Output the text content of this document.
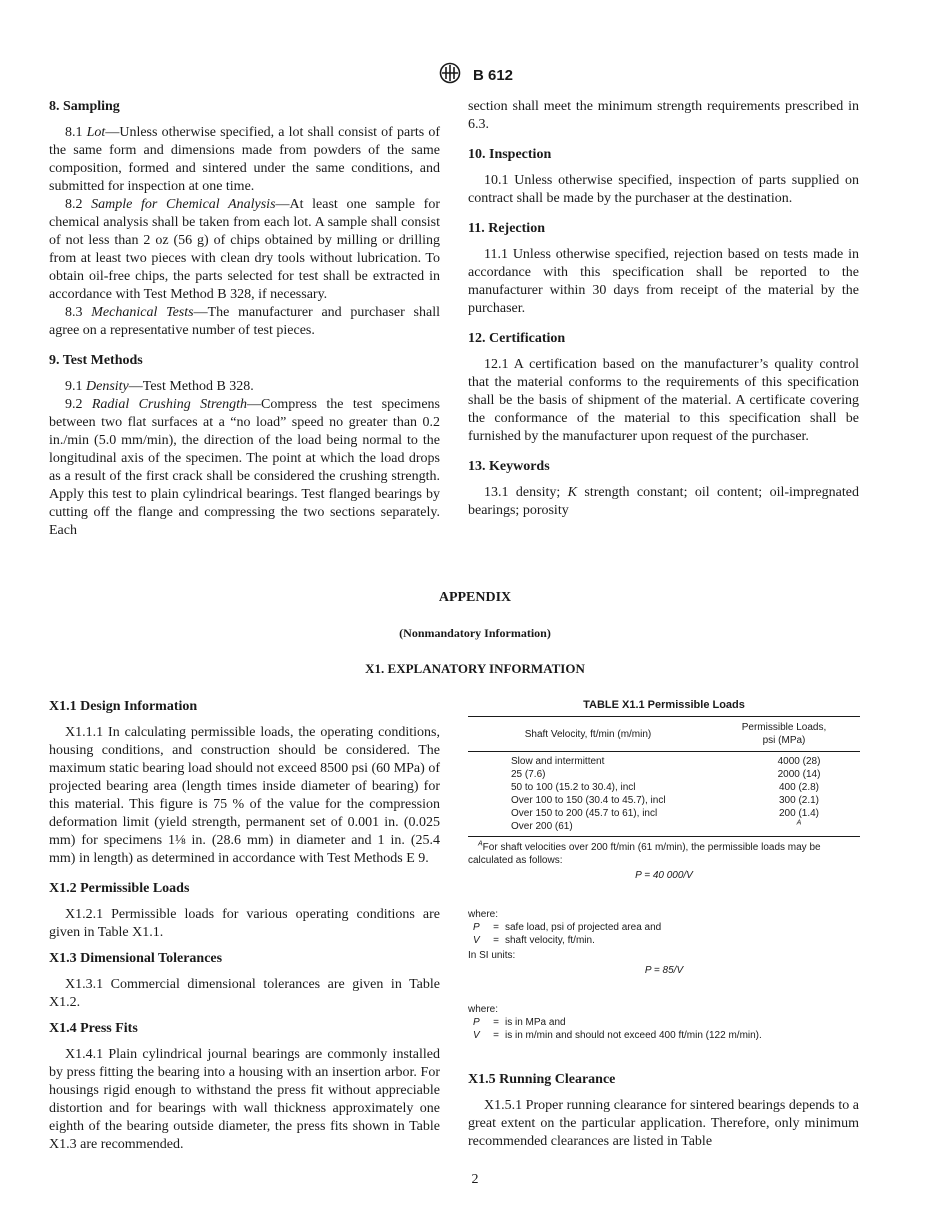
B 612
8. Sampling

8.1 Lot—Unless otherwise specified, a lot shall consist of parts of the same form and dimensions made from powders of the same composition, formed and sintered under the same conditions, and submitted for inspection at one time.

8.2 Sample for Chemical Analysis—At least one sample for chemical analysis shall be taken from each lot. A sample shall consist of not less than 2 oz (56 g) of chips obtained by milling or drilling from at least two pieces with clean dry tools without lubrication. To obtain oil-free chips, the parts selected for test shall be extracted in accordance with Test Method B 328, if necessary.

8.3 Mechanical Tests—The manufacturer and purchaser shall agree on a representative number of test pieces.

9. Test Methods

9.1 Density—Test Method B 328.

9.2 Radial Crushing Strength—Compress the test specimens between two flat surfaces at a “no load” speed no greater than 0.2 in./min (5.0 mm/min), the direction of the load being normal to the longitudinal axis of the specimen. The point at which the load drops as a result of the first crack shall be considered the crushing strength. Apply this test to plain cylindrical bearings. Test flanged bearings by cutting off the flange and compressing the two sections separately. Each

section shall meet the minimum strength requirements prescribed in 6.3.

10. Inspection

10.1 Unless otherwise specified, inspection of parts supplied on contract shall be made by the purchaser at the destination.

11. Rejection

11.1 Unless otherwise specified, rejection based on tests made in accordance with this specification shall be reported to the manufacturer within 30 days from receipt of the material by the purchaser.

12. Certification

12.1 A certification based on the manufacturer’s quality control that the material conforms to the requirements of this specification shall be the basis of shipment of the material. A certificate covering the conformance of the material to this specification shall be furnished by the manufacturer upon request of the purchaser.

13. Keywords

13.1 density; K strength constant; oil content; oil-impregnated bearings; porosity

APPENDIX
(Nonmandatory Information)
X1. EXPLANATORY INFORMATION
X1.1 Design Information

X1.1.1 In calculating permissible loads, the operating conditions, housing conditions, and construction should be considered. The maximum static bearing load should not exceed 8500 psi (60 MPa) of projected bearing area (length times inside diameter of bearing) for this material. This figure is 75 % of the value for the compression deformation limit (yield strength, permanent set of 0.001 in. (0.025 mm) for specimens 1⅛ in. (28.6 mm) in diameter and 1 in. (25.4 mm) in length) as determined in accordance with Test Methods E 9.

X1.2 Permissible Loads

X1.2.1 Permissible loads for various operating conditions are given in Table X1.1.

X1.3 Dimensional Tolerances

X1.3.1 Commercial dimensional tolerances are given in Table X1.2.

X1.4 Press Fits

X1.4.1 Plain cylindrical journal bearings are commonly installed by press fitting the bearing into a housing with an insertion arbor. For housings rigid enough to withstand the press fit without appreciable distortion and for bearings with wall thickness approximately one eighth of the bearing outside diameter, the press fits shown in Table X1.3 are recommended.

TABLE X1.1 Permissible Loads
Shaft Velocity, ft/min (m/min)
Permissible Loads,
psi (MPa)
Slow and intermittent	4000 (28)
25 (7.6)	2000 (14)
50 to 100 (15.2 to 30.4), incl	400 (2.8)
Over 100 to 150 (30.4 to 45.7), incl	300 (2.1)
Over 150 to 200 (45.7 to 61), incl	200 (1.4)
Over 200 (61)	$^A$
$^A$For shaft velocities over 200 ft/min (61 m/min), the permissible loads may be calculated as follows:
P = 40 000/V
where:
P = safe load, psi of projected area and
V = shaft velocity, ft/min.
In SI units:
P = 85/V
where:
P = is in MPa and
V = is in m/min and should not exceed 400 ft/min (122 m/min).
X1.5 Running Clearance

X1.5.1 Proper running clearance for sintered bearings depends to a great extent on the particular application. Therefore, only minimum recommended clearances are listed in Table

2
